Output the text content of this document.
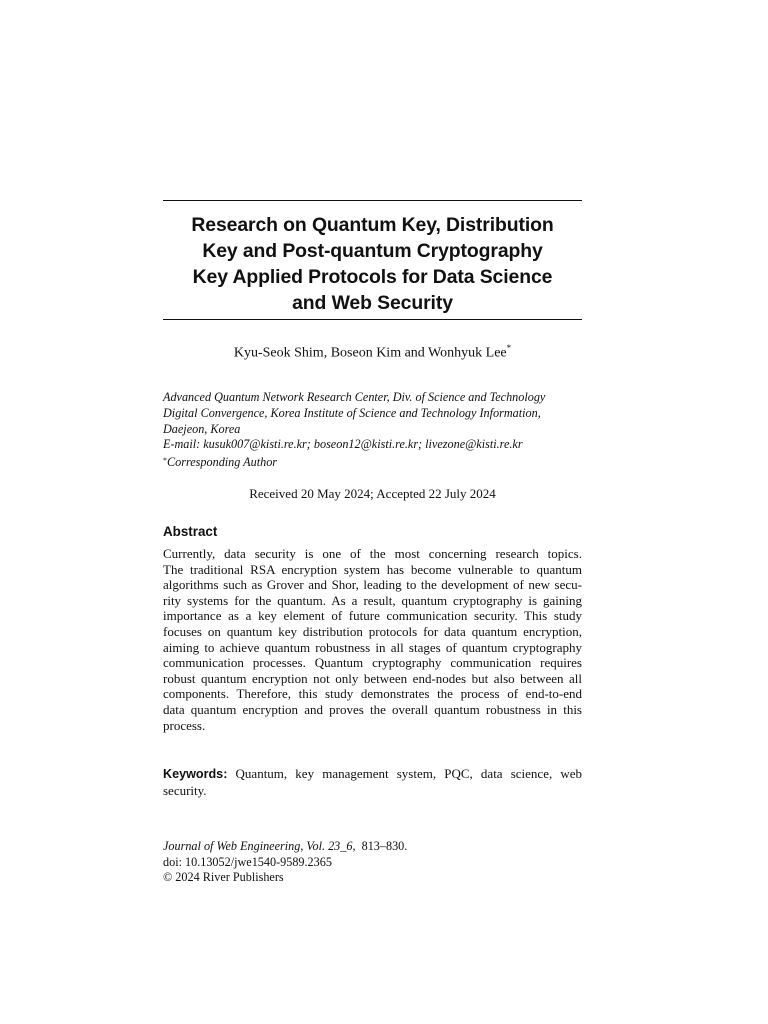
Research on Quantum Key, Distribution
Key and Post-quantum Cryptography
Key Applied Protocols for Data Science
and Web Security
Kyu-Seok Shim, Boseon Kim and Wonhyuk Lee*
Advanced Quantum Network Research Center, Div. of Science and Technology
Digital Convergence, Korea Institute of Science and Technology Information,
Daejeon, Korea
E-mail: kusuk007@kisti.re.kr; boseon12@kisti.re.kr; livezone@kisti.re.kr
*Corresponding Author
Received 20 May 2024; Accepted 22 July 2024
Abstract
Currently, data security is one of the most concerning research topics.
The traditional RSA encryption system has become vulnerable to quantum
algorithms such as Grover and Shor, leading to the development of new secu-
rity systems for the quantum. As a result, quantum cryptography is gaining
importance as a key element of future communication security. This study
focuses on quantum key distribution protocols for data quantum encryption,
aiming to achieve quantum robustness in all stages of quantum cryptography
communication processes. Quantum cryptography communication requires
robust quantum encryption not only between end-nodes but also between all
components. Therefore, this study demonstrates the process of end-to-end
data quantum encryption and proves the overall quantum robustness in this
process.
Keywords: Quantum, key management system, PQC, data science, web
security.
Journal of Web Engineering, Vol. 23_6, 813–830.
doi: 10.13052/jwe1540-9589.2365
© 2024 River Publishers
